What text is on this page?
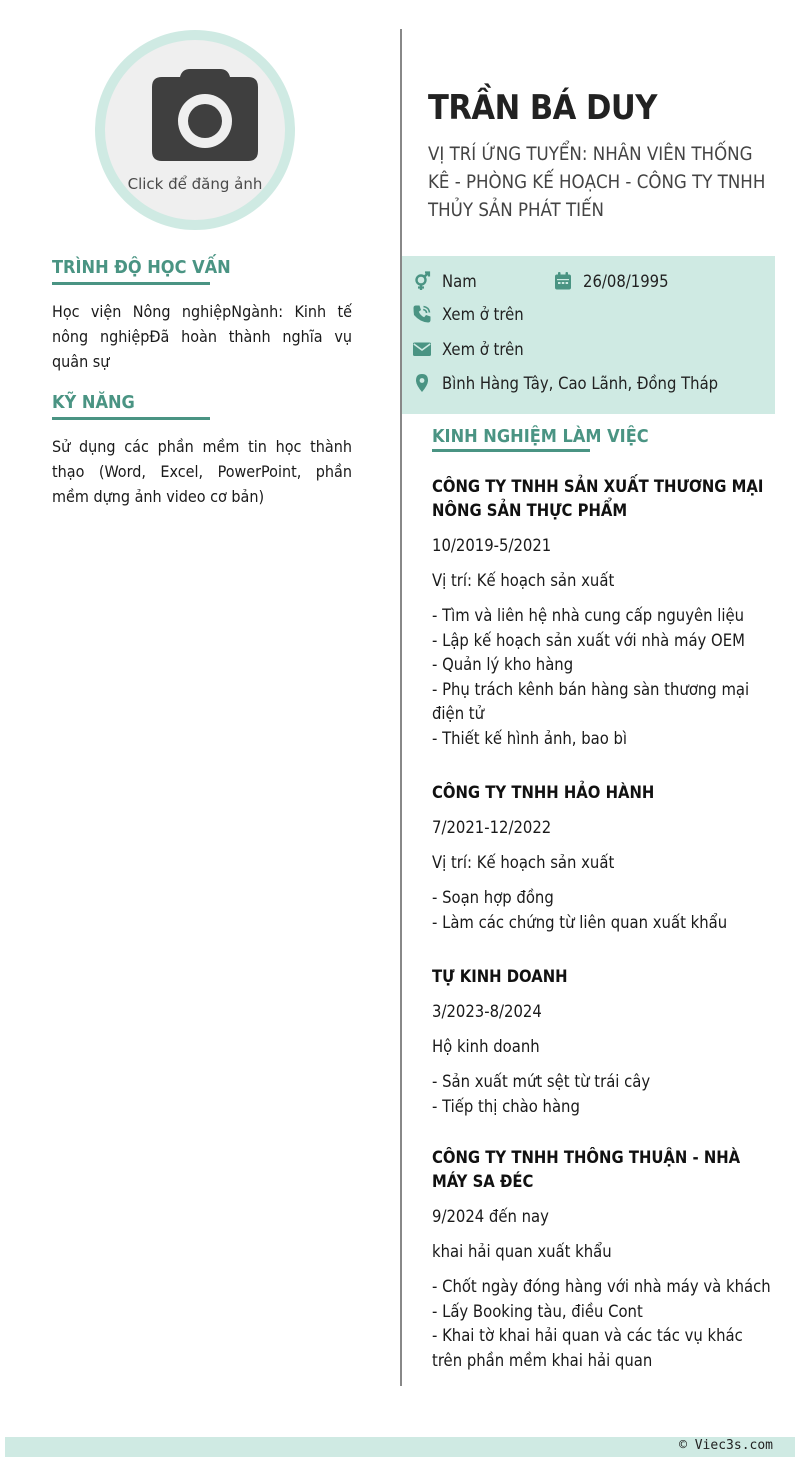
Click để đăng ảnh
TRÌNH ĐỘ HỌC VẤN
Học viện Nông nghiệpNgành: Kinh tế nông nghiệpĐã hoàn thành nghĩa vụ quân sự
KỸ NĂNG
Sử dụng các phần mềm tin học thành thạo (Word, Excel, PowerPoint, phần mềm dựng ảnh video cơ bản)
TRẦN BÁ DUY
VỊ TRÍ ỨNG TUYỂN: NHÂN VIÊN THỐNG KÊ - PHÒNG KẾ HOẠCH - CÔNG TY TNHH THỦY SẢN PHÁT TIẾN
Nam	26/08/1995
Xem ở trên
Xem ở trên
Bình Hàng Tây, Cao Lãnh, Đồng Tháp
KINH NGHIỆM LÀM VIỆC
CÔNG TY TNHH SẢN XUẤT THƯƠNG MẠI NÔNG SẢN THỰC PHẨM
10/2019-5/2021
Vị trí: Kế hoạch sản xuất
- Tìm và liên hệ nhà cung cấp nguyên liệu
- Lập kế hoạch sản xuất với nhà máy OEM
- Quản lý kho hàng
- Phụ trách kênh bán hàng sàn thương mại điện tử
- Thiết kế hình ảnh, bao bì
CÔNG TY TNHH HẢO HÀNH
7/2021-12/2022
Vị trí: Kế hoạch sản xuất
- Soạn hợp đồng
- Làm các chứng từ liên quan xuất khẩu
TỰ KINH DOANH
3/2023-8/2024
Hộ kinh doanh
- Sản xuất mứt sệt từ trái cây
- Tiếp thị chào hàng
CÔNG TY TNHH THÔNG THUẬN - NHÀ MÁY SA ĐÉC
9/2024 đến nay
khai hải quan xuất khẩu
- Chốt ngày đóng hàng với nhà máy và khách
- Lấy Booking tàu, điều Cont
- Khai tờ khai hải quan và các tác vụ khác trên phần mềm khai hải quan
© Viec3s.com
